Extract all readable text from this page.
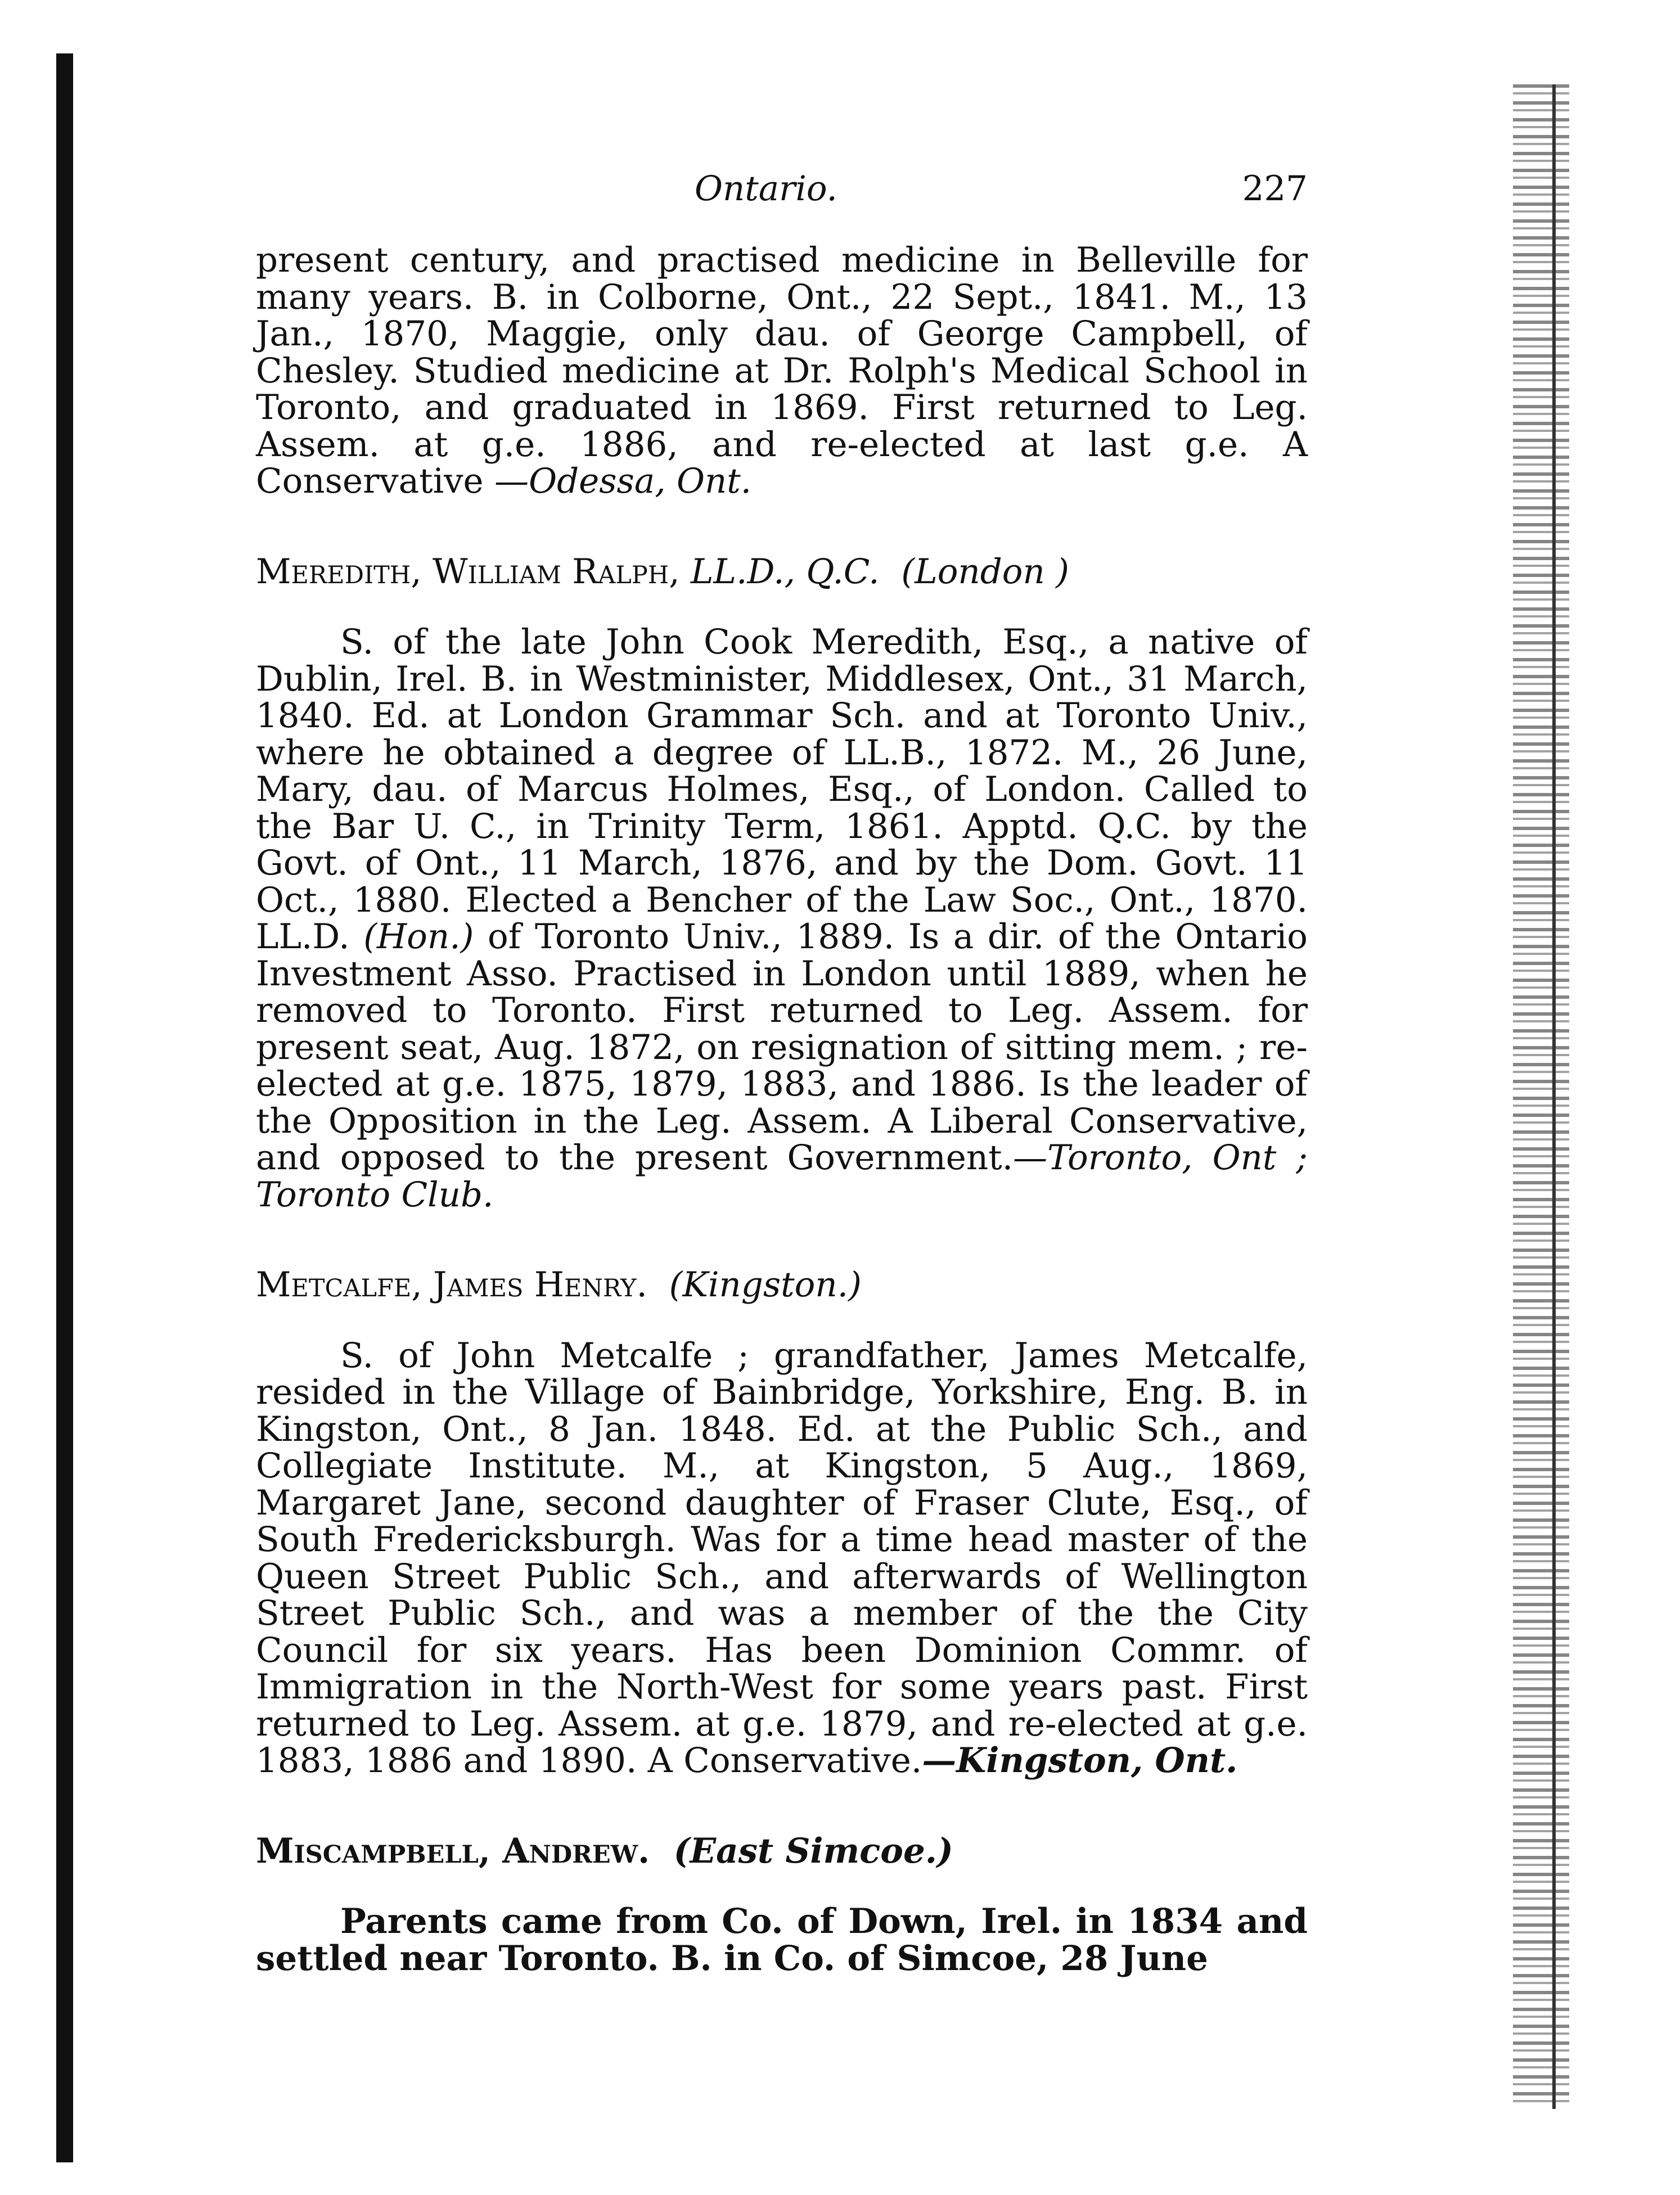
Ontario.	227

present century, and practised medicine in Belleville for many years. B. in Colborne, Ont., 22 Sept., 1841. M., 13 Jan., 1870, Maggie, only dau. of George Campbell, of Chesley. Studied medicine at Dr. Rolph's Medical School in Toronto, and graduated in 1869. First returned to Leg. Assem. at g.e. 1886, and re-elected at last g.e. A Conservative —Odessa, Ont.

Meredith, William Ralph, LL.D., Q.C. (London )

S. of the late John Cook Meredith, Esq., a native of Dublin, Irel. B. in Westminister, Middlesex, Ont., 31 March, 1840. Ed. at London Grammar Sch. and at Toronto Univ., where he obtained a degree of LL.B., 1872. M., 26 June, Mary, dau. of Marcus Holmes, Esq., of London. Called to the Bar U. C., in Trinity Term, 1861. Apptd. Q.C. by the Govt. of Ont., 11 March, 1876, and by the Dom. Govt. 11 Oct., 1880. Elected a Bencher of the Law Soc., Ont., 1870. LL.D. (Hon.) of Toronto Univ., 1889. Is a dir. of the Ontario Investment Asso. Practised in London until 1889, when he removed to Toronto. First returned to Leg. Assem. for present seat, Aug. 1872, on resignation of sitting mem. ; re-elected at g.e. 1875, 1879, 1883, and 1886. Is the leader of the Opposition in the Leg. Assem. A Liberal Conservative, and opposed to the present Government.—Toronto, Ont ; Toronto Club.

Metcalfe, James Henry. (Kingston.)

S. of John Metcalfe ; grandfather, James Metcalfe, resided in the Village of Bainbridge, Yorkshire, Eng. B. in Kingston, Ont., 8 Jan. 1848. Ed. at the Public Sch., and Collegiate Institute. M., at Kingston, 5 Aug., 1869, Margaret Jane, second daughter of Fraser Clute, Esq., of South Fredericksburgh. Was for a time head master of the Queen Street Public Sch., and afterwards of Wellington Street Public Sch., and was a member of the the City Council for six years. Has been Dominion Commr. of Immigration in the North-West for some years past. First returned to Leg. Assem. at g.e. 1879, and re-elected at g.e. 1883, 1886 and 1890. A Conservative.—Kingston, Ont.

Miscampbell, Andrew. (East Simcoe.)

Parents came from Co. of Down, Irel. in 1834 and settled near Toronto. B. in Co. of Simcoe, 28 June
